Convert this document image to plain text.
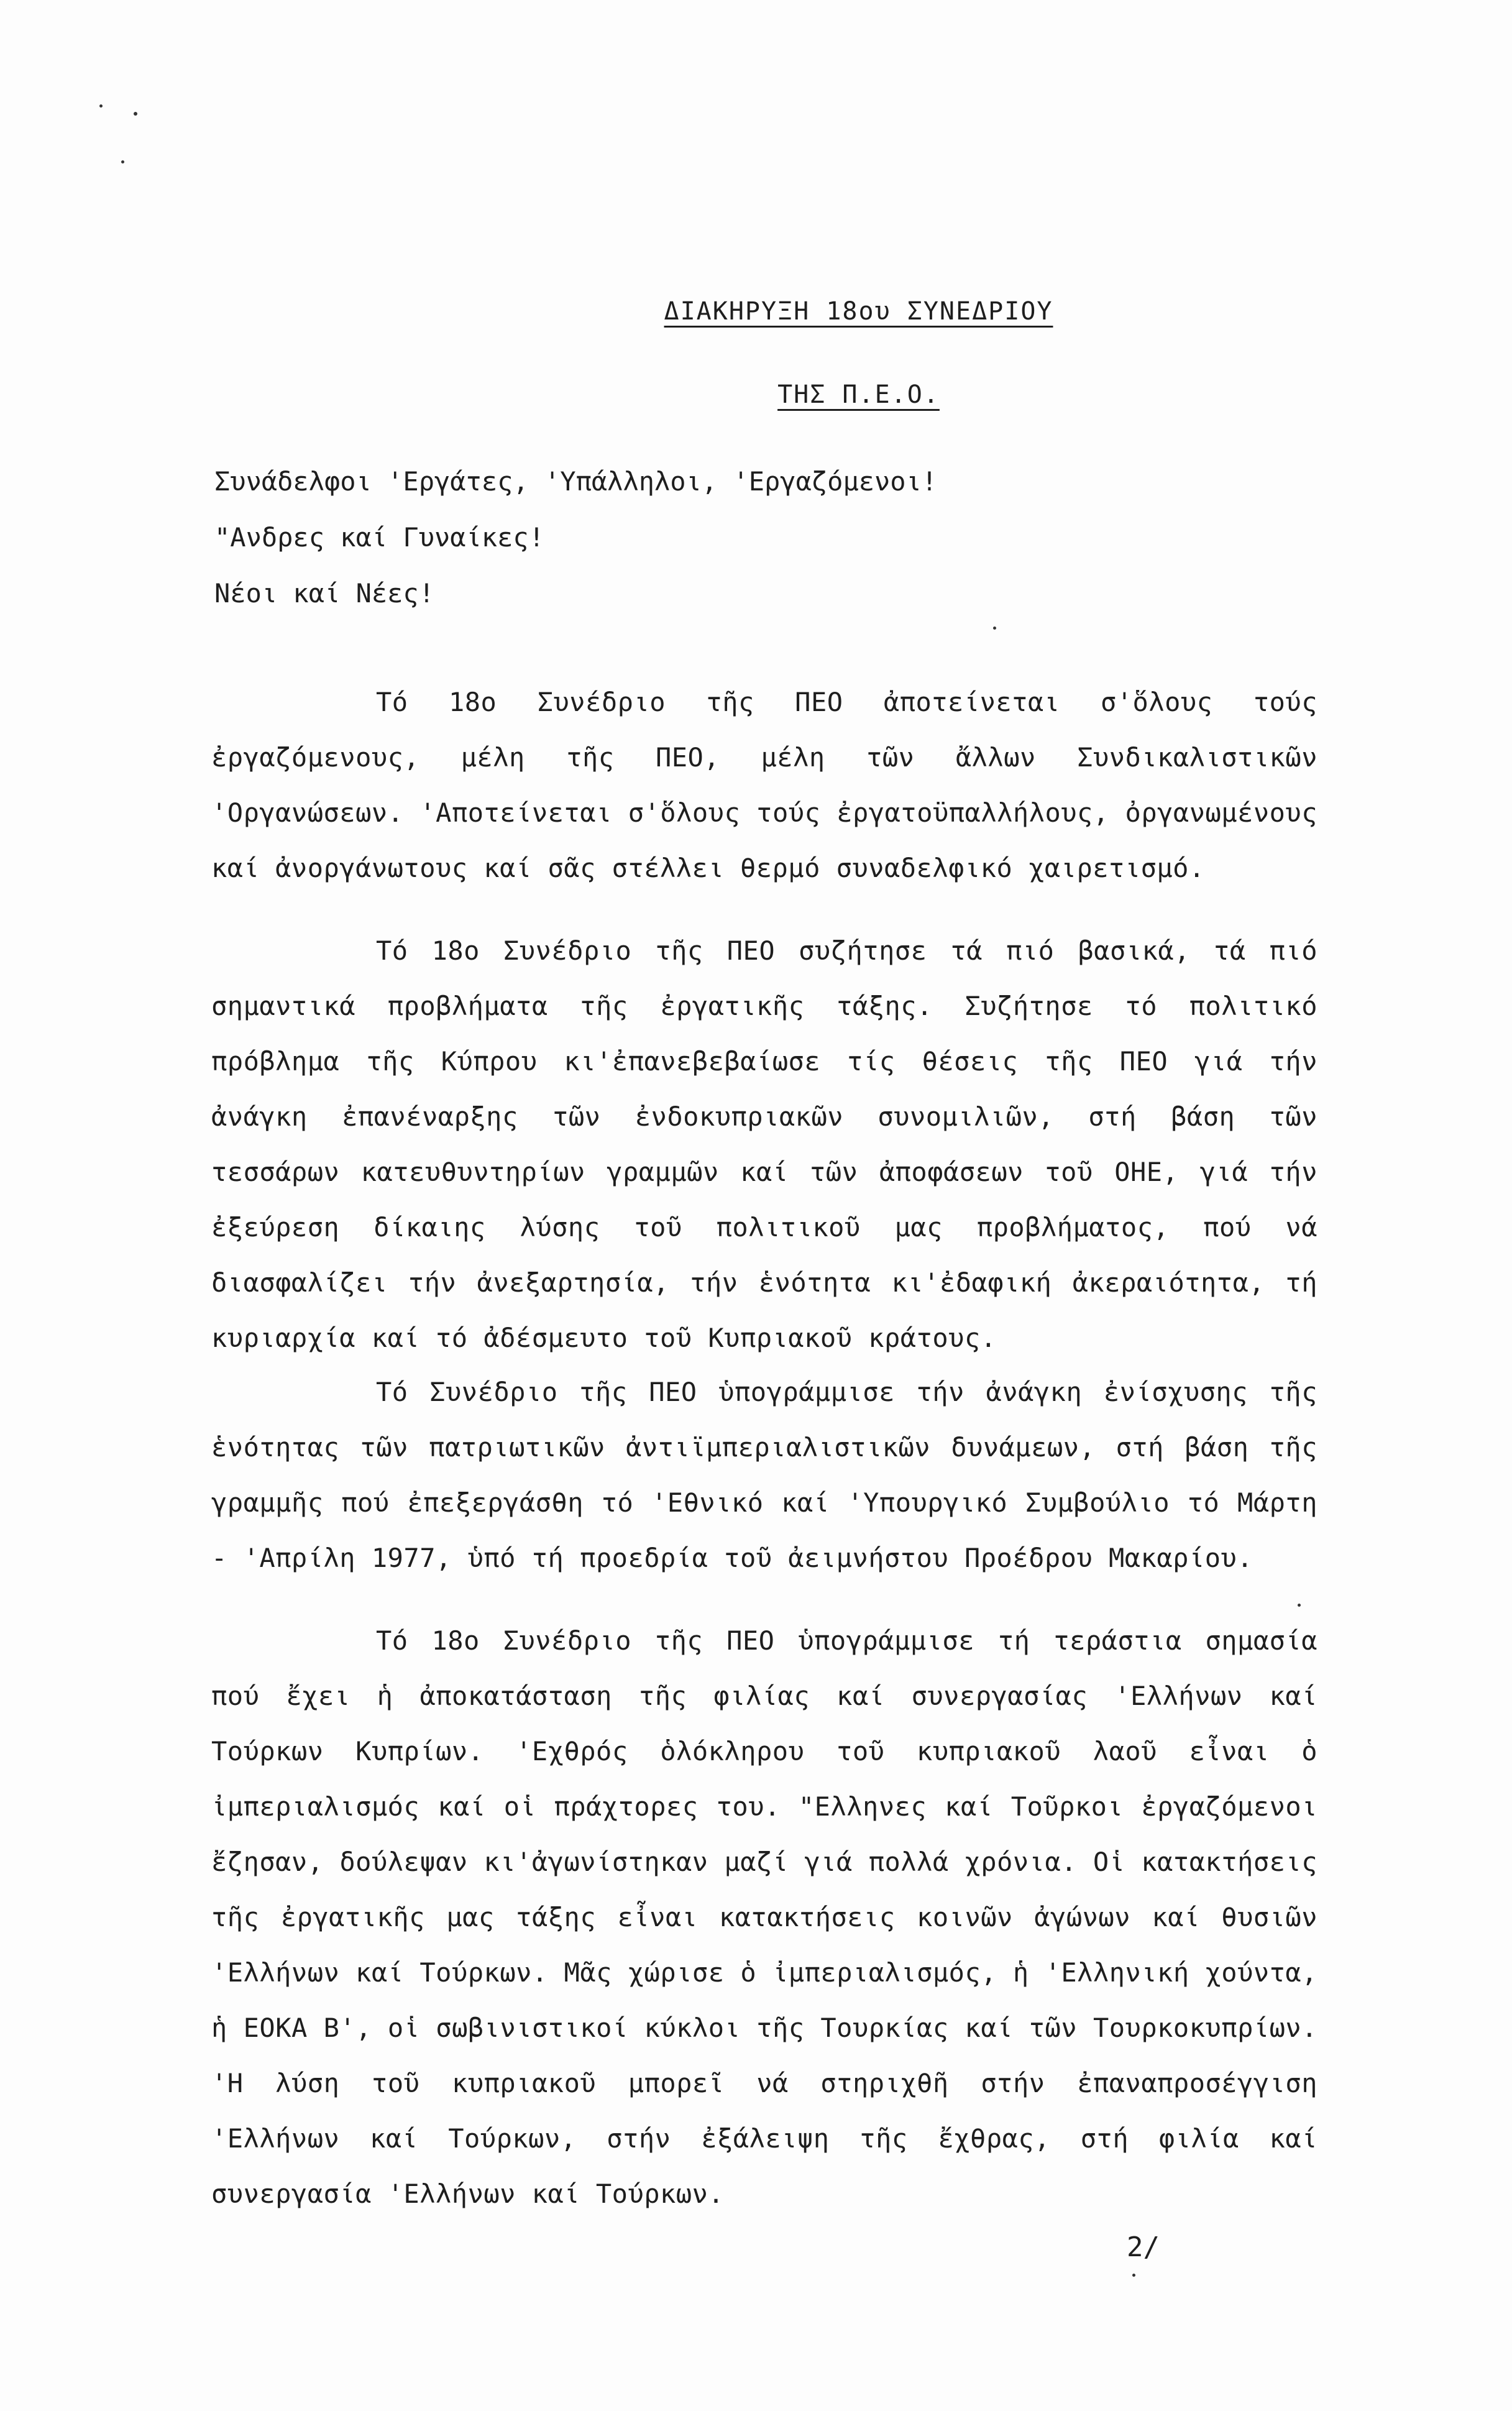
ΔΙΑΚΗΡΥΞΗ 18ου ΣΥΝΕΔΡΙΟΥ
ΤΗΣ Π.Ε.Ο.
Συνάδελφοι 'Εργάτες, 'Υπάλληλοι, 'Εργαζόμενοι!
"Ανδρες καί Γυναίκες!
Νέοι καί Νέες!

Τό 18ο Συνέδριο τῆς ΠΕΟ ἀποτείνεται σ'ὅλους τούς ἐργαζόμενους, μέλη τῆς ΠΕΟ, μέλη τῶν ἄλλων Συνδικαλιστικῶν 'Οργανώσεων. 'Αποτείνεται σ'ὅλους τούς ἐργατοϋπαλλήλους, ὀργανωμένους καί ἀνοργάνωτους καί σᾶς στέλλει θερμό συναδελφικό χαιρετισμό.

Τό 18ο Συνέδριο τῆς ΠΕΟ συζήτησε τά πιό βασικά, τά πιό σημαντικά προβλήματα τῆς ἐργατικῆς τάξης. Συζήτησε τό πολιτικό πρόβλημα τῆς Κύπρου κι'ἐπανεβεβαίωσε τίς θέσεις τῆς ΠΕΟ γιά τήν ἀνάγκη ἐπανέναρξης τῶν ἐνδοκυπριακῶν συνομιλιῶν, στή βάση τῶν τεσσάρων κατευθυντηρίων γραμμῶν καί τῶν ἀποφάσεων τοῦ ΟΗΕ, γιά τήν ἐξεύρεση δίκαιης λύσης τοῦ πολιτικοῦ μας προβλήματος, πού νά διασφαλίζει τήν ἀνεξαρτησία, τήν ἑνότητα κι'ἐδαφική ἀκεραιότητα, τή κυριαρχία καί τό ἀδέσμευτο τοῦ Κυπριακοῦ κράτους.

Τό Συνέδριο τῆς ΠΕΟ ὑπογράμμισε τήν ἀνάγκη ἐνίσχυσης τῆς ἑνότητας τῶν πατριωτικῶν ἀντιϊμπεριαλιστικῶν δυνάμεων, στή βάση τῆς γραμμῆς πού ἐπεξεργάσθη τό 'Εθνικό καί 'Υπουργικό Συμβούλιο τό Μάρτη - 'Απρίλη 1977, ὑπό τή προεδρία τοῦ ἀειμνήστου Προέδρου Μακαρίου.

Τό 18ο Συνέδριο τῆς ΠΕΟ ὑπογράμμισε τή τεράστια σημασία πού ἔχει ἡ ἀποκατάσταση τῆς φιλίας καί συνεργασίας 'Ελλήνων καί Τούρκων Κυπρίων. 'Εχθρός ὁλόκληρου τοῦ κυπριακοῦ λαοῦ εἶναι ὁ ἰμπεριαλισμός καί οἱ πράχτορες του. "Ελληνες καί Τοῦρκοι ἐργαζόμενοι ἔζησαν, δούλεψαν κι'ἀγωνίστηκαν μαζί γιά πολλά χρόνια. Οἱ κατακτήσεις τῆς ἐργατικῆς μας τάξης εἶναι κατακτήσεις κοινῶν ἀγώνων καί θυσιῶν 'Ελλήνων καί Τούρκων. Μᾶς χώρισε ὁ ἰμπεριαλισμός, ἡ 'Ελληνική χούντα, ἡ ΕΟΚΑ Β', οἱ σωβινιστικοί κύκλοι τῆς Τουρκίας καί τῶν Τουρκοκυπρίων. 'Η λύση τοῦ κυπριακοῦ μπορεῖ νά στηριχθῆ στήν ἐπαναπροσέγγιση 'Ελλήνων καί Τούρκων, στήν ἐξάλειψη τῆς ἔχθρας, στή φιλία καί συνεργασία 'Ελλήνων καί Τούρκων.

2/
